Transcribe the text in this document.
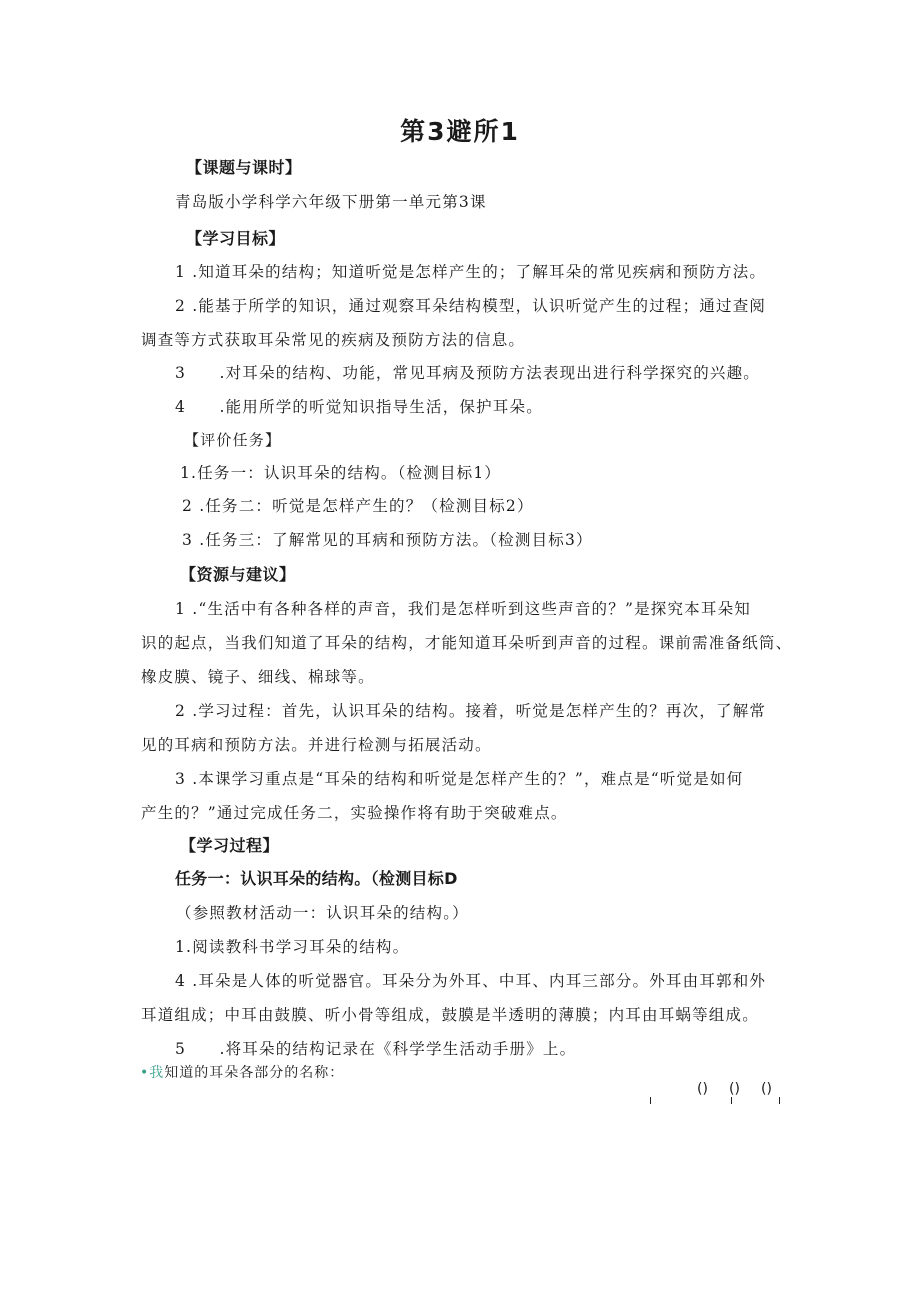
第3避所1
【课题与课时】
青岛版小学科学六年级下册第一单元第3课
【学习目标】
1 .知道耳朵的结构；知道听觉是怎样产生的；了解耳朵的常见疾病和预防方法。
2 .能基于所学的知识，通过观察耳朵结构模型，认识听觉产生的过程；通过查阅
调查等方式获取耳朵常见的疾病及预防方法的信息。
3  .对耳朵的结构、功能，常见耳病及预防方法表现出进行科学探究的兴趣。
4  .能用所学的听觉知识指导生活，保护耳朵。
【评价任务】
1.任务一：认识耳朵的结构。（检测目标1）
2 .任务二：听觉是怎样产生的？（检测目标2）
3 .任务三：了解常见的耳病和预防方法。（检测目标3）
【资源与建议】
1 .“生活中有各种各样的声音，我们是怎样听到这些声音的？”是探究本耳朵知
识的起点，当我们知道了耳朵的结构，才能知道耳朵听到声音的过程。课前需准备纸筒、
橡皮膜、镜子、细线、棉球等。
2 .学习过程：首先，认识耳朵的结构。接着，听觉是怎样产生的？再次，了解常
见的耳病和预防方法。并进行检测与拓展活动。
3 .本课学习重点是“耳朵的结构和听觉是怎样产生的？”，难点是“听觉是如何
产生的？”通过完成任务二，实验操作将有助于突破难点。
【学习过程】
任务一：认识耳朵的结构。（检测目标D
（参照教材活动一：认识耳朵的结构。）
1.阅读教科书学习耳朵的结构。
4 .耳朵是人体的听觉器官。耳朵分为外耳、中耳、内耳三部分。外耳由耳郭和外
耳道组成；中耳由鼓膜、听小骨等组成，鼓膜是半透明的薄膜；内耳由耳蜗等组成。
5  .将耳朵的结构记录在《科学学生活动手册》上。
•我知道的耳朵各部分的名称：
() () ()
